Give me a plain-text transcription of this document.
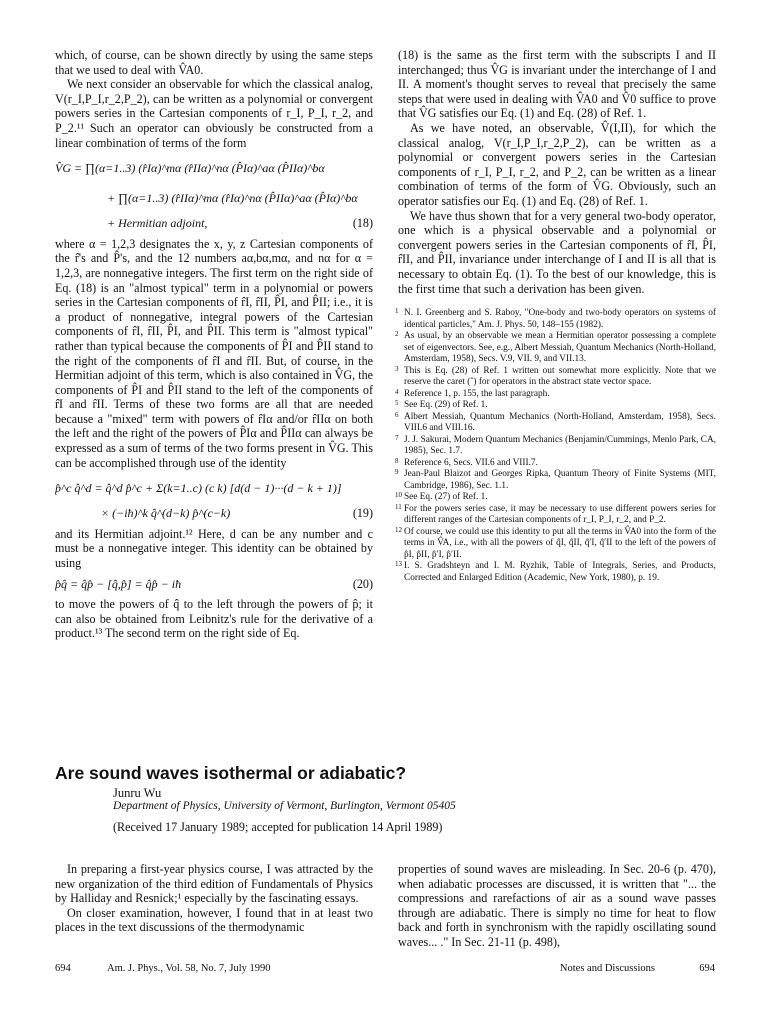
which, of course, can be shown directly by using the same steps that we used to deal with V̂A0.

We next consider an observable for which the classical analog, V(r_I,P_I,r_2,P_2), can be written as a polynomial or convergent powers series in the Cartesian components of r_I, P_I, r_2, and P_2.¹¹ Such an operator can obviously be constructed from a linear combination of terms of the form

V̂G = ∏(α=1..3) (r̂Iα)^mα (r̂IIα)^nα (P̂Iα)^aα (P̂IIα)^bα
+ ∏(α=1..3) (r̂IIα)^mα (r̂Iα)^nα (P̂IIα)^aα (P̂Iα)^bα
+ Hermitian adjoint,	(18)

where α = 1,2,3 designates the x, y, z Cartesian components of the r̂'s and P̂'s, and the 12 numbers aα,bα,mα, and nα for α = 1,2,3, are nonnegative integers. The first term on the right side of Eq. (18) is an "almost typical" term in a polynomial or powers series in the Cartesian components of r̂I, r̂II, P̂I, and P̂II; i.e., it is a product of nonnegative, integral powers of the Cartesian components of r̂I, r̂II, P̂I, and P̂II. This term is "almost typical" rather than typical because the components of P̂I and P̂II stand to the right of the components of r̂I and r̂II. But, of course, in the Hermitian adjoint of this term, which is also contained in V̂G, the components of P̂I and P̂II stand to the left of the components of r̂I and r̂II. Terms of these two forms are all that are needed because a "mixed" term with powers of r̂Iα and/or r̂IIα on both the left and the right of the powers of P̂Iα and P̂IIα can always be expressed as a sum of terms of the two forms present in V̂G. This can be accomplished through use of the identity

p̂^c q̂^d = q̂^d p̂^c + Σ(k=1..c) (c k) [d(d − 1)···(d − k + 1)]
× (−iħ)^k q̂^(d−k) p̂^(c−k)	(19)

and its Hermitian adjoint.¹² Here, d can be any number and c must be a nonnegative integer. This identity can be obtained by using

p̂q̂ = q̂p̂ − [q̂,p̂] = q̂p̂ − iħ	(20)

to move the powers of q̂ to the left through the powers of p̂; it can also be obtained from Leibnitz's rule for the derivative of a product.¹³ The second term on the right side of Eq.

(18) is the same as the first term with the subscripts I and II interchanged; thus V̂G is invariant under the interchange of I and II. A moment's thought serves to reveal that precisely the same steps that were used in dealing with V̂A0 and V̂0 suffice to prove that V̂G satisfies our Eq. (1) and Eq. (28) of Ref. 1.

As we have noted, an observable, V̂(I,II), for which the classical analog, V(r_I,P_I,r_2,P_2), can be written as a polynomial or convergent powers series in the Cartesian components of r_I, P_I, r_2, and P_2, can be written as a linear combination of terms of the form of V̂G. Obviously, such an operator satisfies our Eq. (1) and Eq. (28) of Ref. 1.

We have thus shown that for a very general two-body operator, one which is a physical observable and a polynomial or convergent powers series in the Cartesian components of r̂I, P̂I, r̂II, and P̂II, invariance under interchange of I and II is all that is necessary to obtain Eq. (1). To the best of our knowledge, this is the first time that such a derivation has been given.

1 N. I. Greenberg and S. Raboy, "One-body and two-body operators on systems of identical particles," Am. J. Phys. 50, 148–155 (1982).

2 As usual, by an observable we mean a Hermitian operator possessing a complete set of eigenvectors. See, e.g., Albert Messiah, Quantum Mechanics (North-Holland, Amsterdam, 1958), Secs. V.9, VII. 9, and VII.13.

3 This is Eq. (28) of Ref. 1 written out somewhat more explicitly. Note that we reserve the caret (ˆ) for operators in the abstract state vector space.

4 Reference 1, p. 155, the last paragraph.

5 See Eq. (29) of Ref. 1.

6 Albert Messiah, Quantum Mechanics (North-Holland, Amsterdam, 1958), Secs. VIII.6 and VIII.16.

7 J. J. Sakurai, Modern Quantum Mechanics (Benjamin/Cummings, Menlo Park, CA, 1985), Sec. 1.7.

8 Reference 6, Secs. VII.6 and VIII.7.

9 Jean-Paul Blaizot and Georges Ripka, Quantum Theory of Finite Systems (MIT, Cambridge, 1986), Sec. 1.1.

10 See Eq. (27) of Ref. 1.

11 For the powers series case, it may be necessary to use different powers series for different ranges of the Cartesian components of r_I, P_I, r_2, and P_2.

12 Of course, we could use this identity to put all the terms in V̂A0 into the form of the terms in V̂A, i.e., with all the powers of q̂I, q̂II, q̂′I, q̂′II to the left of the powers of p̂I, p̂II, p̂′I, p̂′II.

13 I. S. Gradshteyn and I. M. Ryzhik, Table of Integrals, Series, and Products, Corrected and Enlarged Edition (Academic, New York, 1980), p. 19.

Are sound waves isothermal or adiabatic?

Junru Wu

Department of Physics, University of Vermont, Burlington, Vermont 05405

(Received 17 January 1989; accepted for publication 14 April 1989)

In preparing a first-year physics course, I was attracted by the new organization of the third edition of Fundamentals of Physics by Halliday and Resnick;¹ especially by the fascinating essays.

On closer examination, however, I found that in at least two places in the text discussions of the thermodynamic

properties of sound waves are misleading. In Sec. 20-6 (p. 470), when adiabatic processes are discussed, it is written that "... the compressions and rarefactions of air as a sound wave passes through are adiabatic. There is simply no time for heat to flow back and forth in synchronism with the rapidly oscillating sound waves... ." In Sec. 21-11 (p. 498),

694	Am. J. Phys., Vol. 58, No. 7, July 1990	Notes and Discussions	694
